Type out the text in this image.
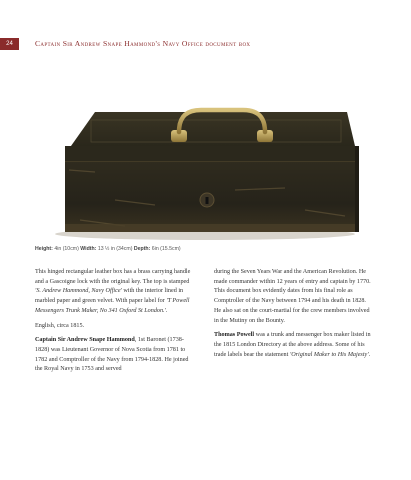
24	Captain Sir Andrew Snape Hammond's Navy Office document box
Height: 4in (10cm) Width: 13 ½ in (34cm) Depth: 6in (15.5cm)

This hinged rectangular leather box has a brass carrying handle and a Gascoigne lock with the original key. The top is stamped 'S. Andrew Hammond, Navy Office' with the interior lined in marbled paper and green velvet. With paper label for 'T Powell Messengers Trunk Maker, No 341 Oxford St London.'.

English, circa 1815.

Captain Sir Andrew Snape Hammond, 1st Baronet (1738-1828) was Lieutenant Governor of Nova Scotia from 1781 to 1782 and Comptroller of the Navy from 1794-1828. He joined the Royal Navy in 1753 and served

during the Seven Years War and the American Revolution. He made commander within 12 years of entry and captain by 1770. This document box evidently dates from his final role as Comptroller of the Navy between 1794 and his death in 1828. He also sat on the court-martial for the crew members involved in the Mutiny on the Bounty.

Thomas Powell was a trunk and messenger box maker listed in the 1815 London Directory at the above address. Some of his trade labels bear the statement 'Original Maker to His Majesty'.
